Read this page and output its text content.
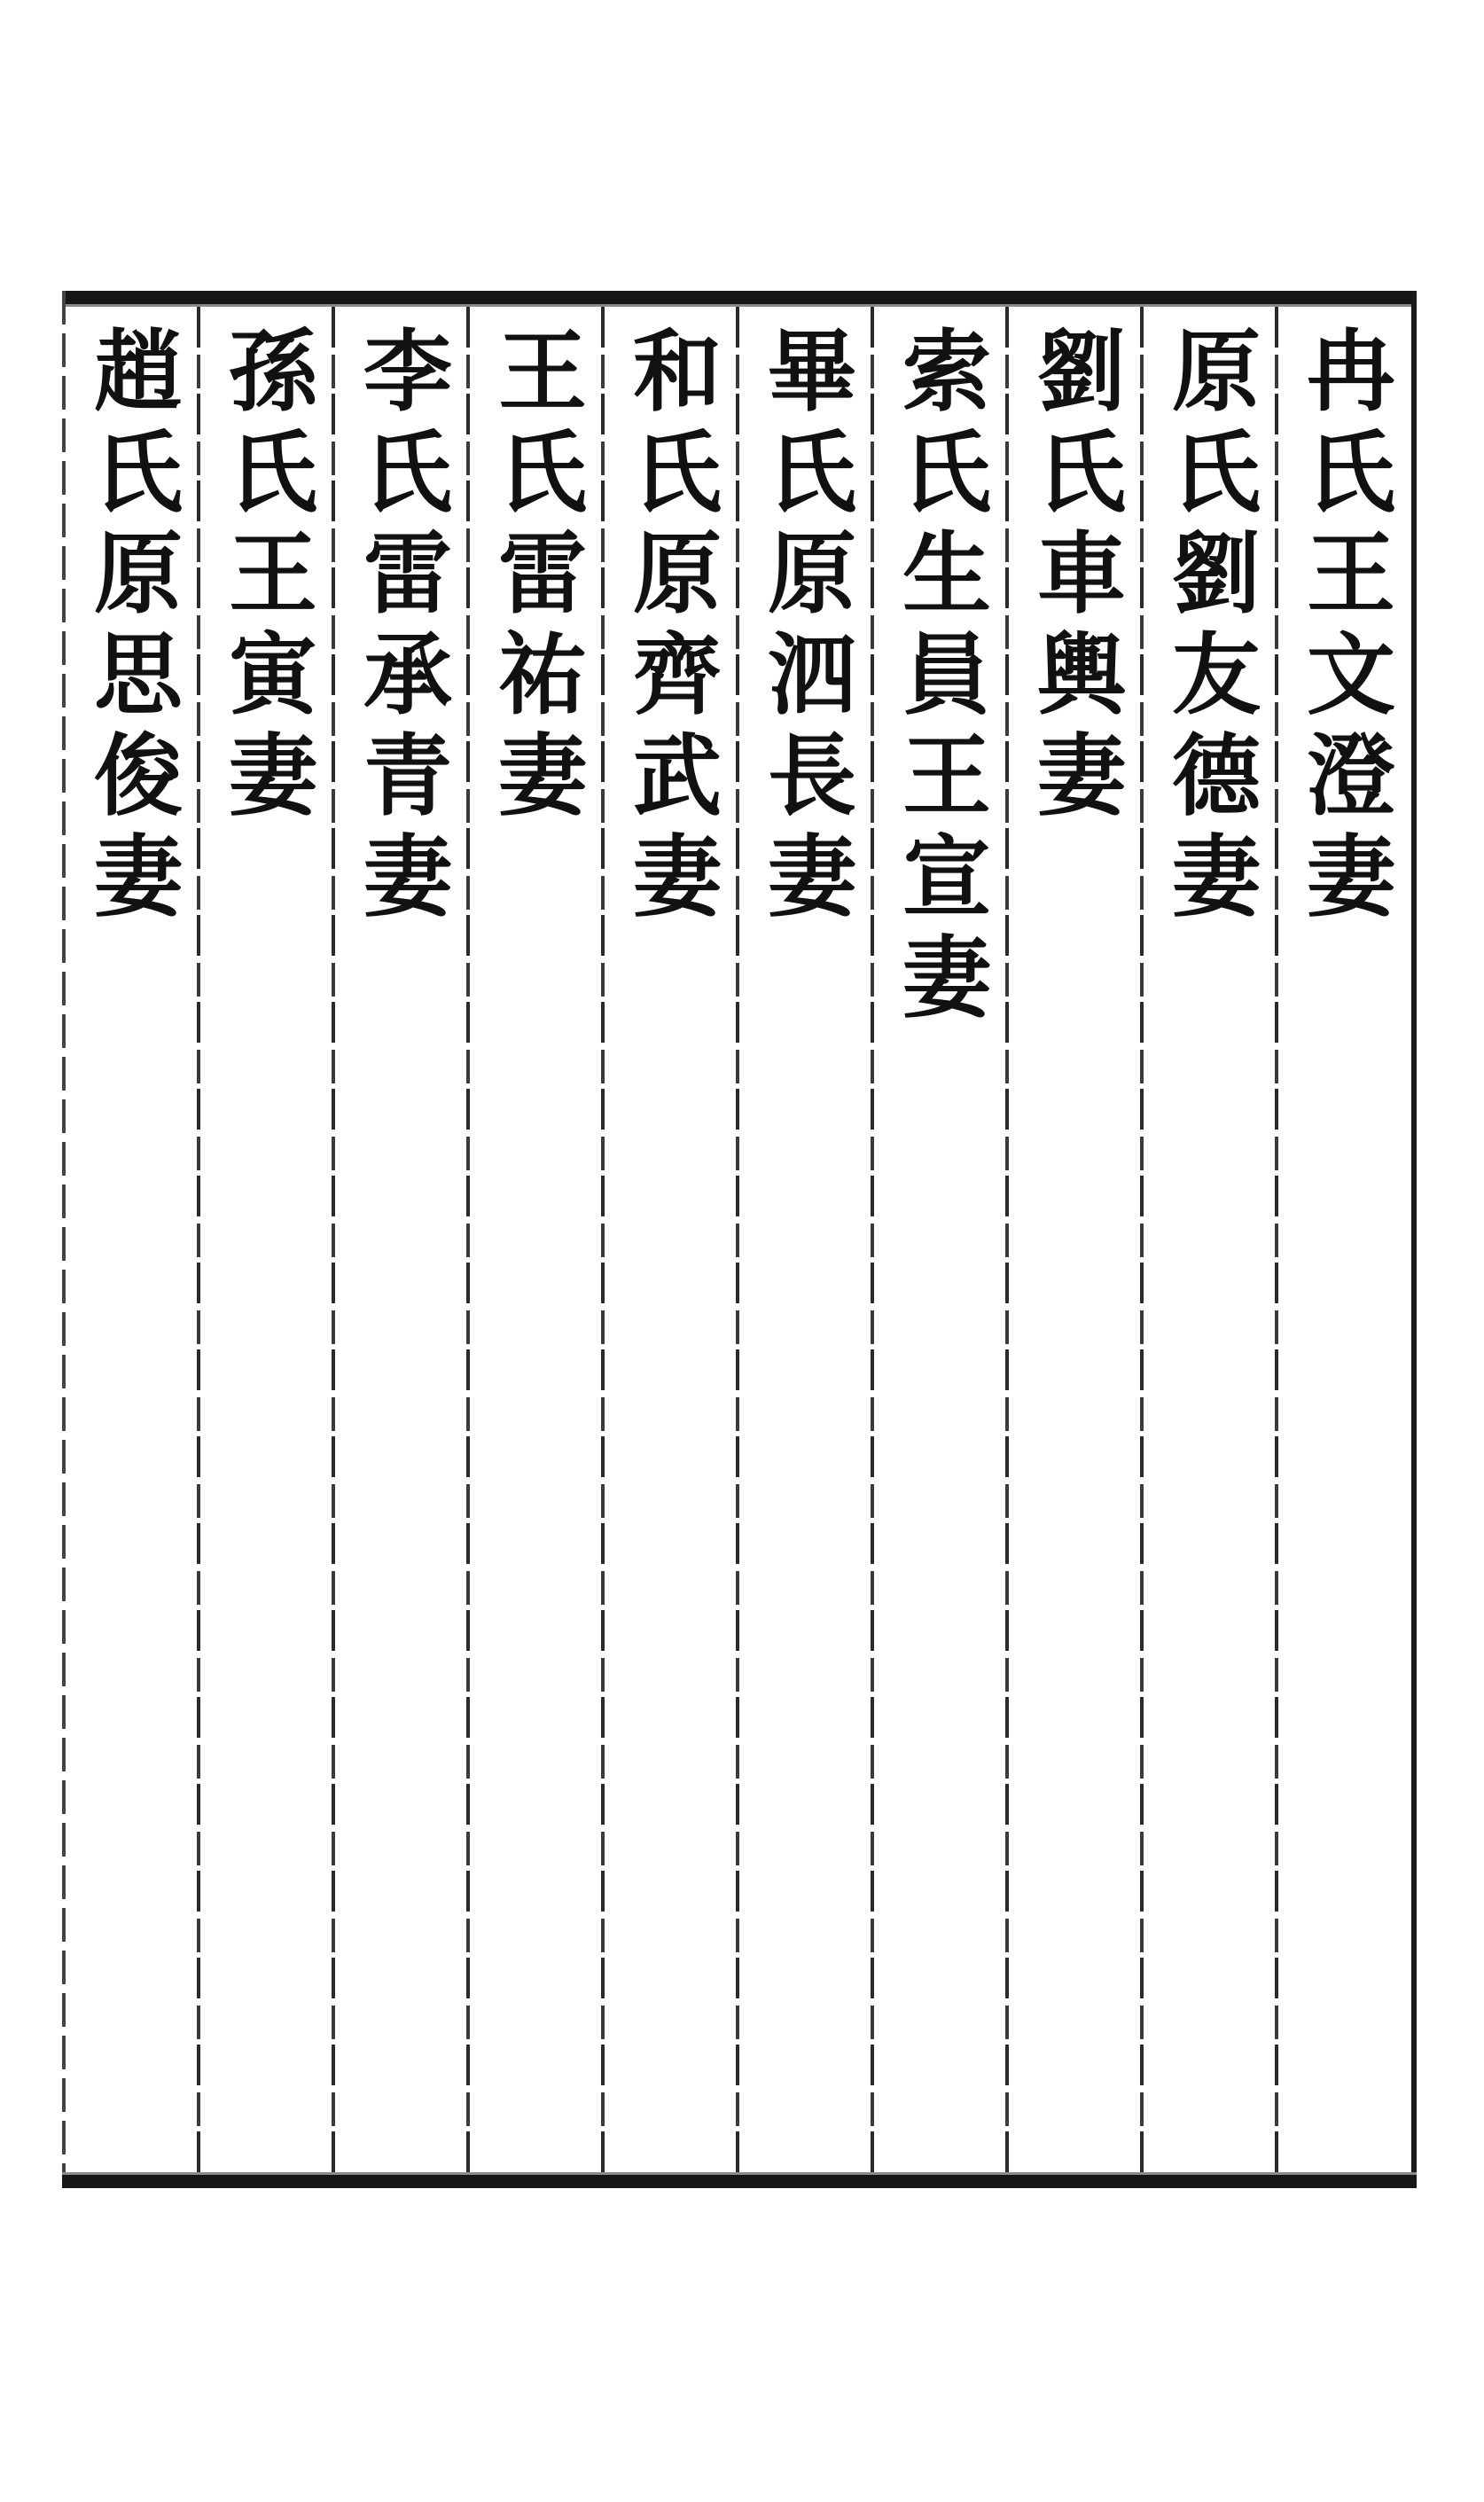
冉氏王文澄妻
原氏劉友德妻
劉氏車輿妻
索氏生員王宣妻
畢氏原泗長妻
和氏原齊武妻
王氏雷祐妻
李氏雷承青妻
孫氏王寅妻
趙氏原思俊妻
